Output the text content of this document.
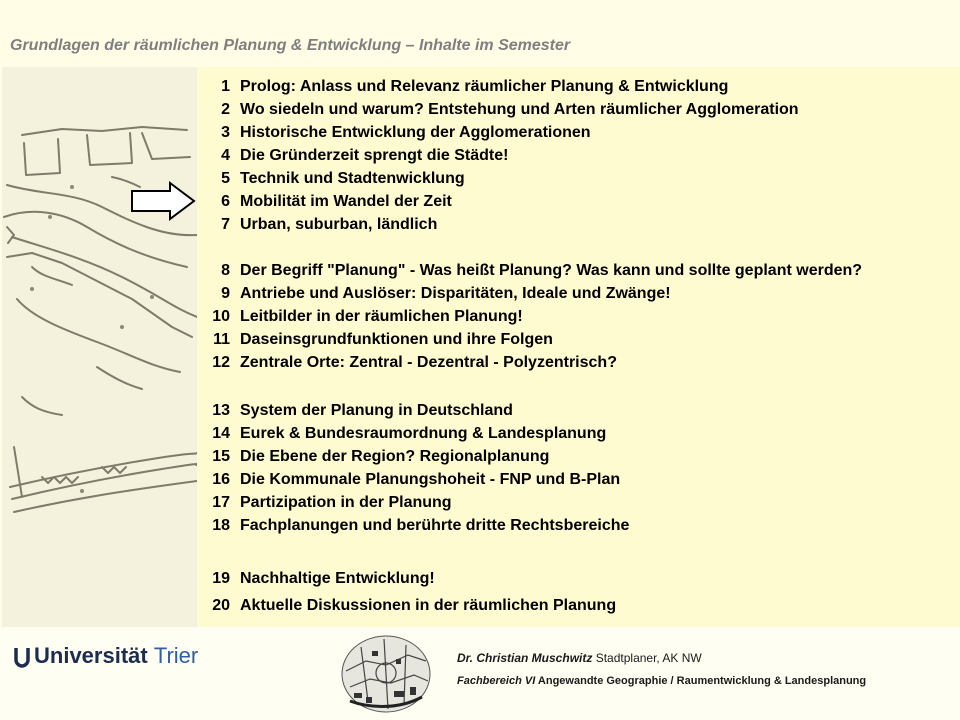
Grundlagen der räumlichen Planung & Entwicklung – Inhalte im Semester
1 Prolog: Anlass und Relevanz räumlicher Planung & Entwicklung
2 Wo siedeln und warum? Entstehung und Arten räumlicher Agglomeration
3 Historische Entwicklung der Agglomerationen
4 Die Gründerzeit sprengt die Städte!
5 Technik und Stadtenwicklung
6 Mobilität im Wandel der Zeit
7 Urban, suburban, ländlich
8 Der Begriff "Planung" - Was heißt Planung? Was kann und sollte geplant werden?
9 Antriebe und Auslöser: Disparitäten, Ideale und Zwänge!
10 Leitbilder in der räumlichen Planung!
11 Daseinsgrundfunktionen und ihre Folgen
12 Zentrale Orte: Zentral - Dezentral - Polyzentrisch?
13 System der Planung in Deutschland
14 Eurek & Bundesraumordnung & Landesplanung
15 Die Ebene der Region? Regionalplanung
16 Die Kommunale Planungshoheit - FNP und B-Plan
17 Partizipation in der Planung
18 Fachplanungen und berührte dritte Rechtsbereiche
19 Nachhaltige Entwicklung!
20 Aktuelle Diskussionen in der räumlichen Planung
Universität Trier	Dr. Christian Muschwitz Stadtplaner, AK NW
Fachbereich VI Angewandte Geographie / Raumentwicklung & Landesplanung
